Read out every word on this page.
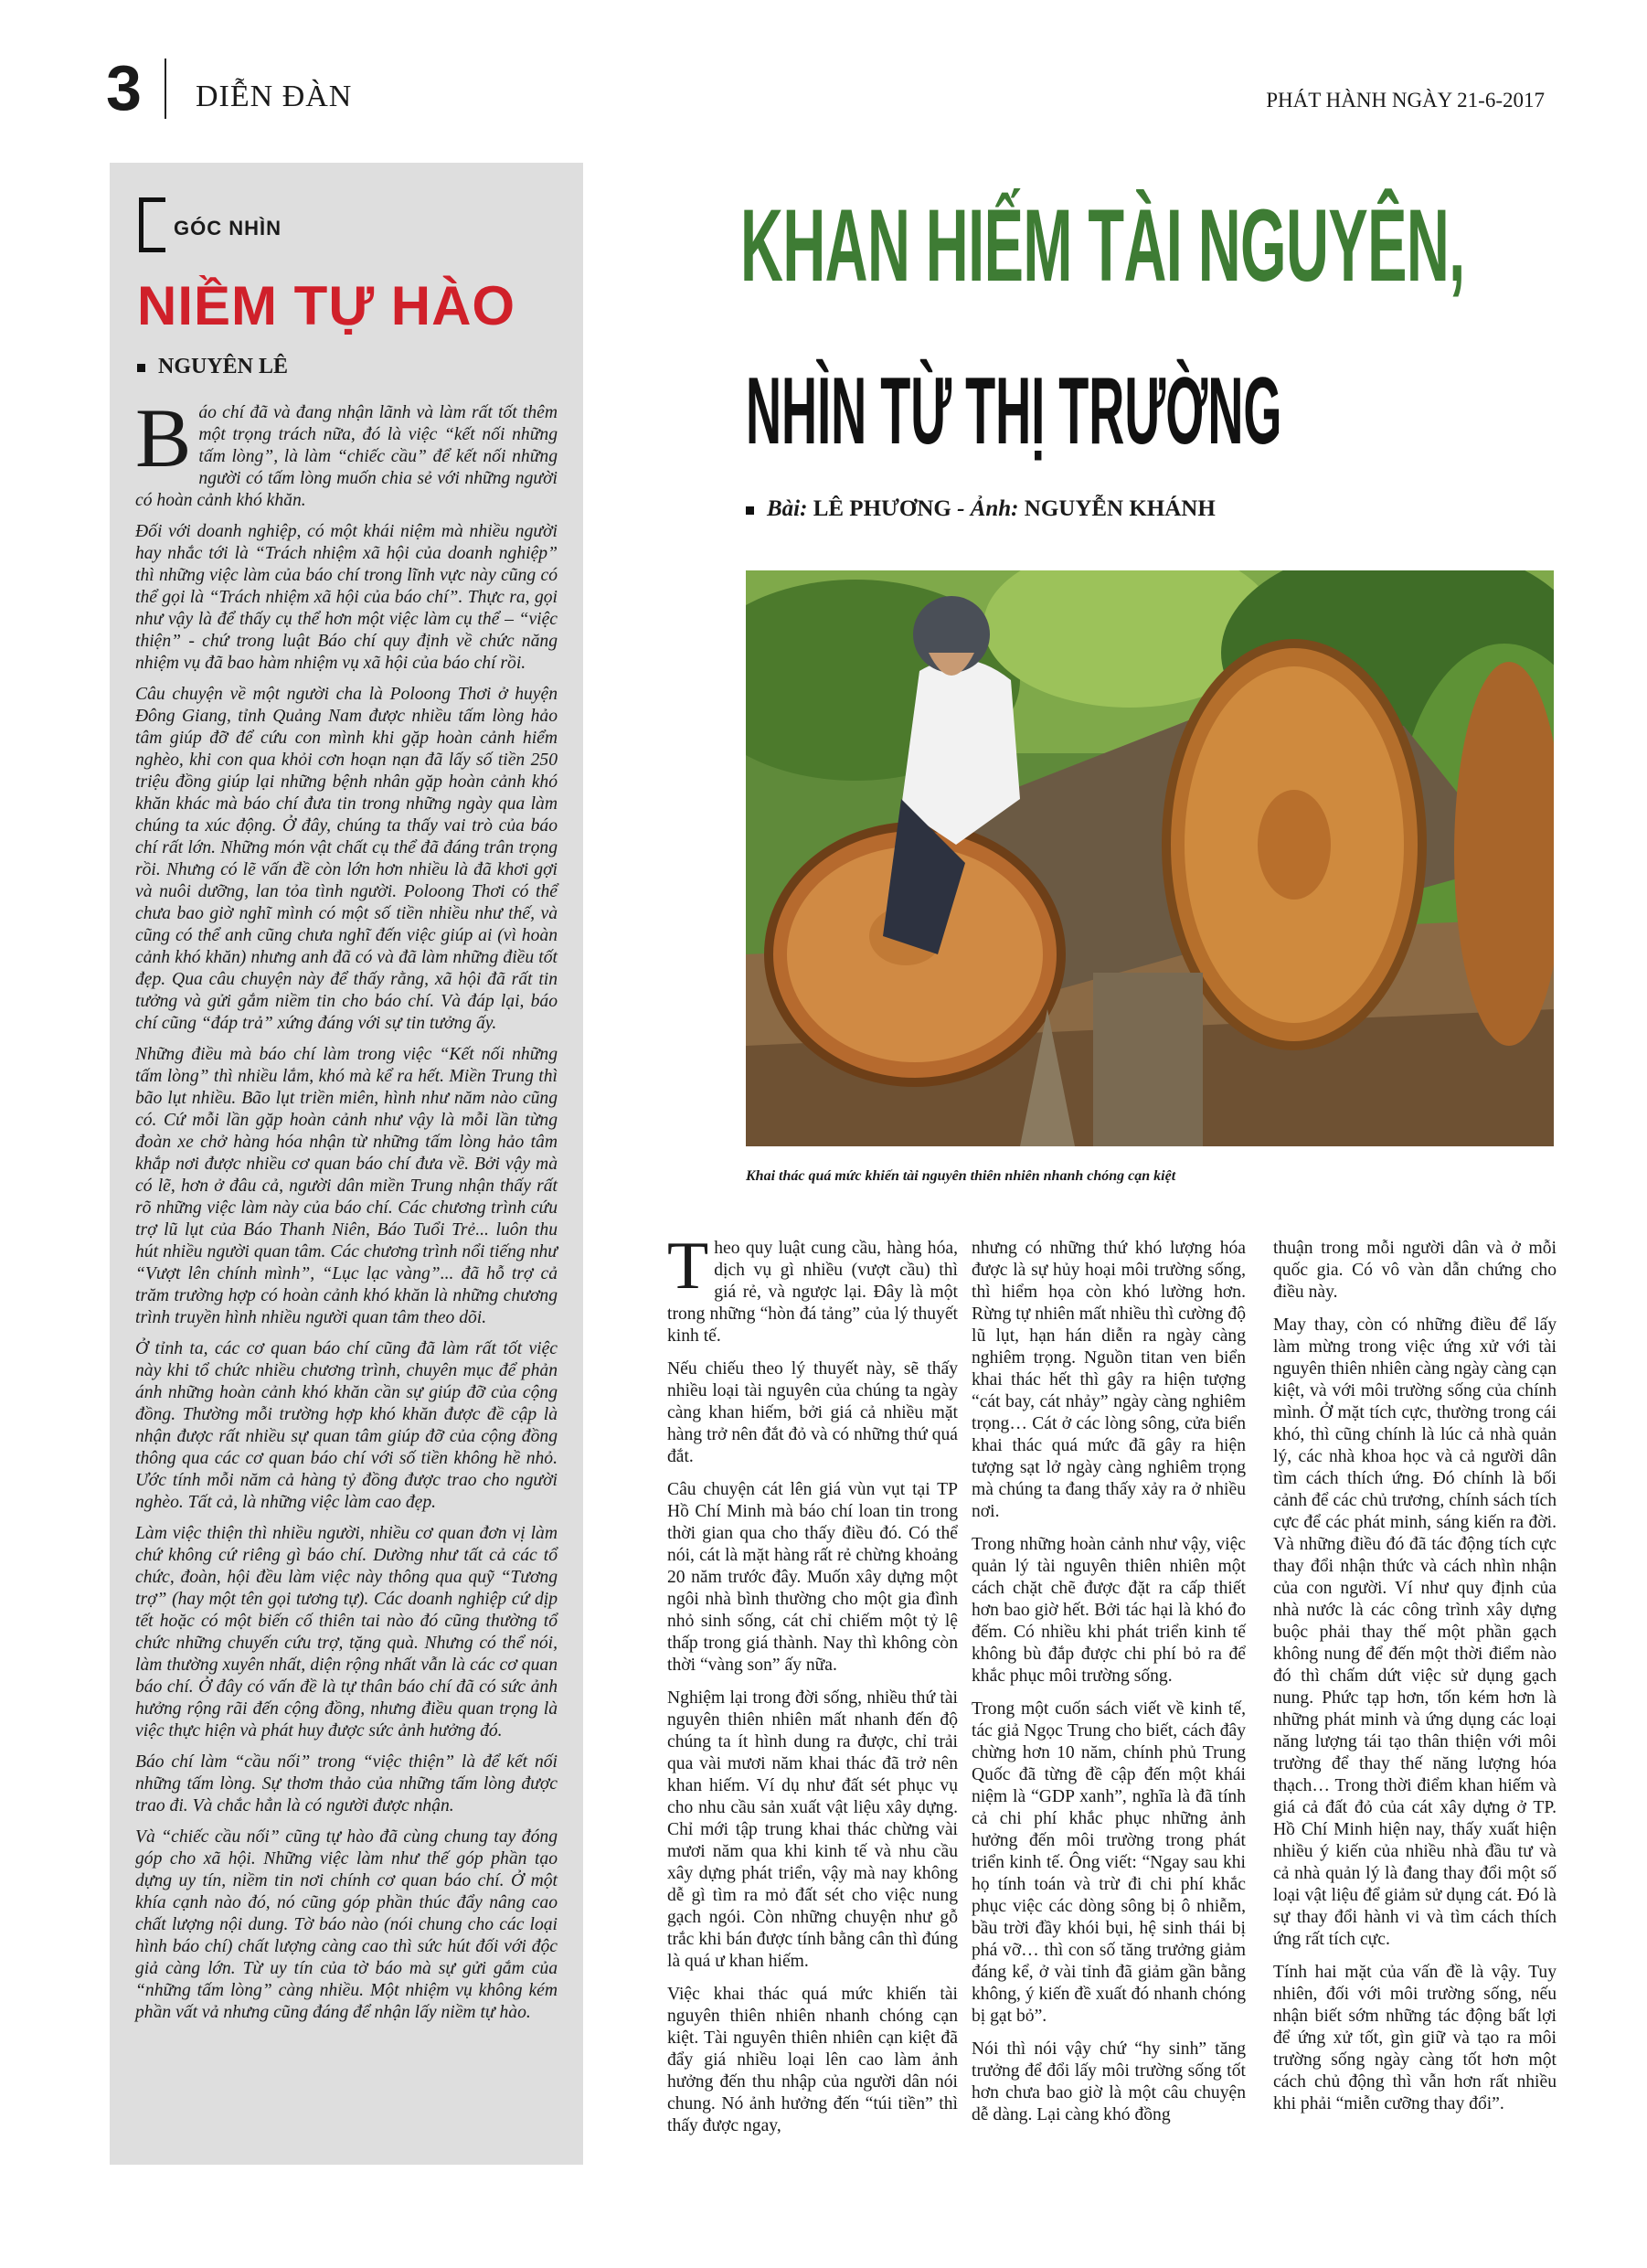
3 DIỄN ĐÀN	PHÁT HÀNH NGÀY 21-6-2017
GÓC NHÌN
NIỀM TỰ HÀO
NGUYÊN LÊ

Báo chí đã và đang nhận lãnh và làm rất tốt thêm một trọng trách nữa, đó là việc “kết nối những tấm lòng”, là làm “chiếc cầu” để kết nối những người có tấm lòng muốn chia sẻ với những người có hoàn cảnh khó khăn.

Đối với doanh nghiệp, có một khái niệm mà nhiều người hay nhắc tới là “Trách nhiệm xã hội của doanh nghiệp” thì những việc làm của báo chí trong lĩnh vực này cũng có thể gọi là “Trách nhiệm xã hội của báo chí”. Thực ra, gọi như vậy là để thấy cụ thể hơn một việc làm cụ thể – “việc thiện” - chứ trong luật Báo chí quy định về chức năng nhiệm vụ đã bao hàm nhiệm vụ xã hội của báo chí rồi.

Câu chuyện về một người cha là Poloong Thơi ở huyện Đông Giang, tỉnh Quảng Nam được nhiều tấm lòng hảo tâm giúp đỡ để cứu con mình khi gặp hoàn cảnh hiểm nghèo, khi con qua khỏi cơn hoạn nạn đã lấy số tiền 250 triệu đồng giúp lại những bệnh nhân gặp hoàn cảnh khó khăn khác mà báo chí đưa tin trong những ngày qua làm chúng ta xúc động. Ở đây, chúng ta thấy vai trò của báo chí rất lớn. Những món vật chất cụ thể đã đáng trân trọng rồi. Nhưng có lẽ vấn đề còn lớn hơn nhiều là đã khơi gợi và nuôi dưỡng, lan tỏa tình người. Poloong Thơi có thể chưa bao giờ nghĩ mình có một số tiền nhiều như thế, và cũng có thể anh cũng chưa nghĩ đến việc giúp ai (vì hoàn cảnh khó khăn) nhưng anh đã có và đã làm những điều tốt đẹp. Qua câu chuyện này để thấy rằng, xã hội đã rất tin tưởng và gửi gắm niềm tin cho báo chí. Và đáp lại, báo chí cũng “đáp trả” xứng đáng với sự tin tưởng ấy.

Những điều mà báo chí làm trong việc “Kết nối những tấm lòng” thì nhiều lắm, khó mà kể ra hết. Miền Trung thì bão lụt nhiều. Bão lụt triền miên, hình như năm nào cũng có. Cứ mỗi lần gặp hoàn cảnh như vậy là mỗi lần từng đoàn xe chở hàng hóa nhận từ những tấm lòng hảo tâm khắp nơi được nhiều cơ quan báo chí đưa về. Bởi vậy mà có lẽ, hơn ở đâu cả, người dân miền Trung nhận thấy rất rõ những việc làm này của báo chí. Các chương trình cứu trợ lũ lụt của Báo Thanh Niên, Báo Tuổi Trẻ... luôn thu hút nhiều người quan tâm. Các chương trình nổi tiếng như “Vượt lên chính mình”, “Lục lạc vàng”... đã hỗ trợ cả trăm trường hợp có hoàn cảnh khó khăn là những chương trình truyền hình nhiều người quan tâm theo dõi.

Ở tỉnh ta, các cơ quan báo chí cũng đã làm rất tốt việc này khi tổ chức nhiều chương trình, chuyên mục để phản ánh những hoàn cảnh khó khăn cần sự giúp đỡ của cộng đồng. Thường mỗi trường hợp khó khăn được đề cập là nhận được rất nhiều sự quan tâm giúp đỡ của cộng đồng thông qua các cơ quan báo chí với số tiền không hề nhỏ. Ước tính mỗi năm cả hàng tỷ đồng được trao cho người nghèo. Tất cả, là những việc làm cao đẹp.

Làm việc thiện thì nhiều người, nhiều cơ quan đơn vị làm chứ không cứ riêng gì báo chí. Dường như tất cả các tổ chức, đoàn, hội đều làm việc này thông qua quỹ “Tương trợ” (hay một tên gọi tương tự). Các doanh nghiệp cứ dịp tết hoặc có một biến cố thiên tai nào đó cũng thường tổ chức những chuyến cứu trợ, tặng quà. Nhưng có thể nói, làm thường xuyên nhất, diện rộng nhất vẫn là các cơ quan báo chí. Ở đây có vấn đề là tự thân báo chí đã có sức ảnh hưởng rộng rãi đến cộng đồng, nhưng điều quan trọng là việc thực hiện và phát huy được sức ảnh hưởng đó.

Báo chí làm “cầu nối” trong “việc thiện” là để kết nối những tấm lòng. Sự thơm thảo của những tấm lòng được trao đi. Và chắc hẳn là có người được nhận.

Và “chiếc cầu nối” cũng tự hào đã cùng chung tay đóng góp cho xã hội. Những việc làm như thế góp phần tạo dựng uy tín, niềm tin nơi chính cơ quan báo chí. Ở một khía cạnh nào đó, nó cũng góp phần thúc đẩy nâng cao chất lượng nội dung. Tờ báo nào (nói chung cho các loại hình báo chí) chất lượng càng cao thì sức hút đối với độc giả càng lớn. Từ uy tín của tờ báo mà sự gửi gắm của “những tấm lòng” càng nhiều. Một nhiệm vụ không kém phần vất vả nhưng cũng đáng để nhận lấy niềm tự hào.

KHAN HIẾM TÀI NGUYÊN,
NHÌN TỪ THỊ TRƯỜNG
Bài: LÊ PHƯƠNG - Ảnh: NGUYỄN KHÁNH
Khai thác quá mức khiến tài nguyên thiên nhiên nhanh chóng cạn kiệt

Theo quy luật cung cầu, hàng hóa, dịch vụ gì nhiều (vượt cầu) thì giá rẻ, và ngược lại. Đây là một trong những “hòn đá tảng” của lý thuyết kinh tế.

Nếu chiếu theo lý thuyết này, sẽ thấy nhiều loại tài nguyên của chúng ta ngày càng khan hiếm, bởi giá cả nhiều mặt hàng trở nên đắt đỏ và có những thứ quá đắt.

Câu chuyện cát lên giá vùn vụt tại TP Hồ Chí Minh mà báo chí loan tin trong thời gian qua cho thấy điều đó. Có thể nói, cát là mặt hàng rất rẻ chừng khoảng 20 năm trước đây. Muốn xây dựng một ngôi nhà bình thường cho một gia đình nhỏ sinh sống, cát chỉ chiếm một tỷ lệ thấp trong giá thành. Nay thì không còn thời “vàng son” ấy nữa.

Nghiệm lại trong đời sống, nhiều thứ tài nguyên thiên nhiên mất nhanh đến độ chúng ta ít hình dung ra được, chỉ trải qua vài mươi năm khai thác đã trở nên khan hiếm. Ví dụ như đất sét phục vụ cho nhu cầu sản xuất vật liệu xây dựng. Chỉ mới tập trung khai thác chừng vài mươi năm qua khi kinh tế và nhu cầu xây dựng phát triển, vậy mà nay không dễ gì tìm ra mỏ đất sét cho việc nung gạch ngói. Còn những chuyện như gỗ trắc khi bán được tính bằng cân thì đúng là quá ư khan hiếm.

Việc khai thác quá mức khiến tài nguyên thiên nhiên nhanh chóng cạn kiệt. Tài nguyên thiên nhiên cạn kiệt đã đẩy giá nhiều loại lên cao làm ảnh hưởng đến thu nhập của người dân nói chung. Nó ảnh hưởng đến “túi tiền” thì thấy được ngay,

nhưng có những thứ khó lượng hóa được là sự hủy hoại môi trường sống, thì hiểm họa còn khó lường hơn. Rừng tự nhiên mất nhiều thì cường độ lũ lụt, hạn hán diễn ra ngày càng nghiêm trọng. Nguồn titan ven biển khai thác hết thì gây ra hiện tượng “cát bay, cát nhảy” ngày càng nghiêm trọng… Cát ở các lòng sông, cửa biển khai thác quá mức đã gây ra hiện tượng sạt lở ngày càng nghiêm trọng mà chúng ta đang thấy xảy ra ở nhiều nơi.

Trong những hoàn cảnh như vậy, việc quản lý tài nguyên thiên nhiên một cách chặt chẽ được đặt ra cấp thiết hơn bao giờ hết. Bởi tác hại là khó đo đếm. Có nhiều khi phát triển kinh tế không bù đắp được chi phí bỏ ra để khắc phục môi trường sống.

Trong một cuốn sách viết về kinh tế, tác giả Ngọc Trung cho biết, cách đây chừng hơn 10 năm, chính phủ Trung Quốc đã từng đề cập đến một khái niệm là “GDP xanh”, nghĩa là đã tính cả chi phí khắc phục những ảnh hưởng đến môi trường trong phát triển kinh tế. Ông viết: “Ngay sau khi họ tính toán và trừ đi chi phí khắc phục việc các dòng sông bị ô nhiễm, bầu trời đầy khói bụi, hệ sinh thái bị phá vỡ… thì con số tăng trưởng giảm đáng kể, ở vài tỉnh đã giảm gần bằng không, ý kiến đề xuất đó nhanh chóng bị gạt bỏ”.

Nói thì nói vậy chứ “hy sinh” tăng trưởng để đổi lấy môi trường sống tốt hơn chưa bao giờ là một câu chuyện dễ dàng. Lại càng khó đồng

thuận trong mỗi người dân và ở mỗi quốc gia. Có vô vàn dẫn chứng cho điều này.

May thay, còn có những điều để lấy làm mừng trong việc ứng xử với tài nguyên thiên nhiên càng ngày càng cạn kiệt, và với môi trường sống của chính mình. Ở mặt tích cực, thường trong cái khó, thì cũng chính là lúc cả nhà quản lý, các nhà khoa học và cả người dân tìm cách thích ứng. Đó chính là bối cảnh để các chủ trương, chính sách tích cực để các phát minh, sáng kiến ra đời. Và những điều đó đã tác động tích cực thay đổi nhận thức và cách nhìn nhận của con người. Ví như quy định của nhà nước là các công trình xây dựng buộc phải thay thế một phần gạch không nung để đến một thời điểm nào đó thì chấm dứt việc sử dụng gạch nung. Phức tạp hơn, tốn kém hơn là những phát minh và ứng dụng các loại năng lượng tái tạo thân thiện với môi trường để thay thế năng lượng hóa thạch… Trong thời điểm khan hiếm và giá cả đất đỏ của cát xây dựng ở TP. Hồ Chí Minh hiện nay, thấy xuất hiện nhiều ý kiến của nhiều nhà đầu tư và cả nhà quản lý là đang thay đổi một số loại vật liệu để giảm sử dụng cát. Đó là sự thay đổi hành vi và tìm cách thích ứng rất tích cực.

Tính hai mặt của vấn đề là vậy. Tuy nhiên, đối với môi trường sống, nếu nhận biết sớm những tác động bất lợi để ứng xử tốt, gìn giữ và tạo ra môi trường sống ngày càng tốt hơn một cách chủ động thì vẫn hơn rất nhiều khi phải “miễn cưỡng thay đổi”.
